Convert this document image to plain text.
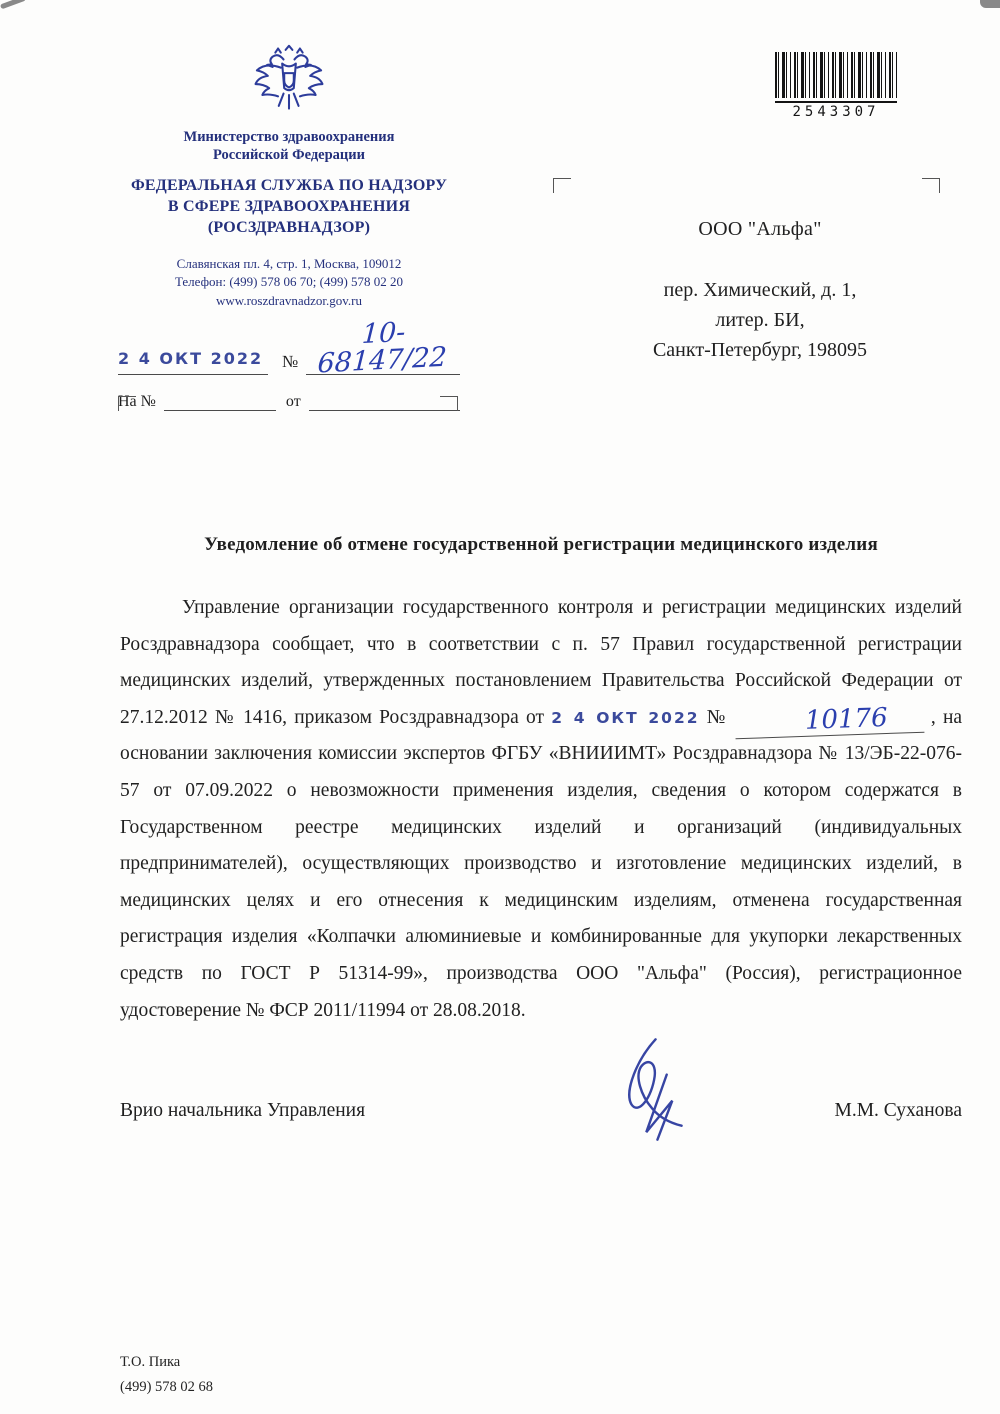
2543307
Министерство здравоохранения
Российской Федерации
ФЕДЕРАЛЬНАЯ СЛУЖБА ПО НАДЗОРУ
В СФЕРЕ ЗДРАВООХРАНЕНИЯ
(РОСЗДРАВНАДЗОР)
Славянская пл. 4, стр. 1, Москва, 109012
Телефон: (499) 578 06 70; (499) 578 02 20
www.roszdravnadzor.gov.ru
2 4 ОКТ 2022 №
10-68147/22
На №	от
ООО "Альфа"
пер. Химический, д. 1,
литер. БИ,
Санкт-Петербург, 198095
Уведомление об отмене государственной регистрации медицинского изделия
Управление организации государственного контроля и регистрации медицинских изделий Росздравнадзора сообщает, что в соответствии с п. 57 Правил государственной регистрации медицинских изделий, утвержденных постановлением Правительства Российской Федерации от 27.12.2012 № 1416, приказом Росздравнадзора от 2 4 ОКТ 2022 №	10176 , на основании заключения комиссии экспертов ФГБУ «ВНИИИМТ» Росздравнадзора № 13/ЭБ-22-076-57 от 07.09.2022 о невозможности применения изделия, сведения о котором содержатся в Государственном реестре медицинских изделий и организаций (индивидуальных предпринимателей), осуществляющих производство и изготовление медицинских изделий, в медицинских целях и его отнесения к медицинским изделиям, отменена государственная регистрация изделия «Колпачки алюминиевые и комбинированные для укупорки лекарственных средств по ГОСТ Р 51314-99», производства ООО "Альфа" (Россия), регистрационное удостоверение № ФСР 2011/11994 от 28.08.2018.
Врио начальника Управления	М.М. Суханова
Т.О. Пика
(499) 578 02 68
